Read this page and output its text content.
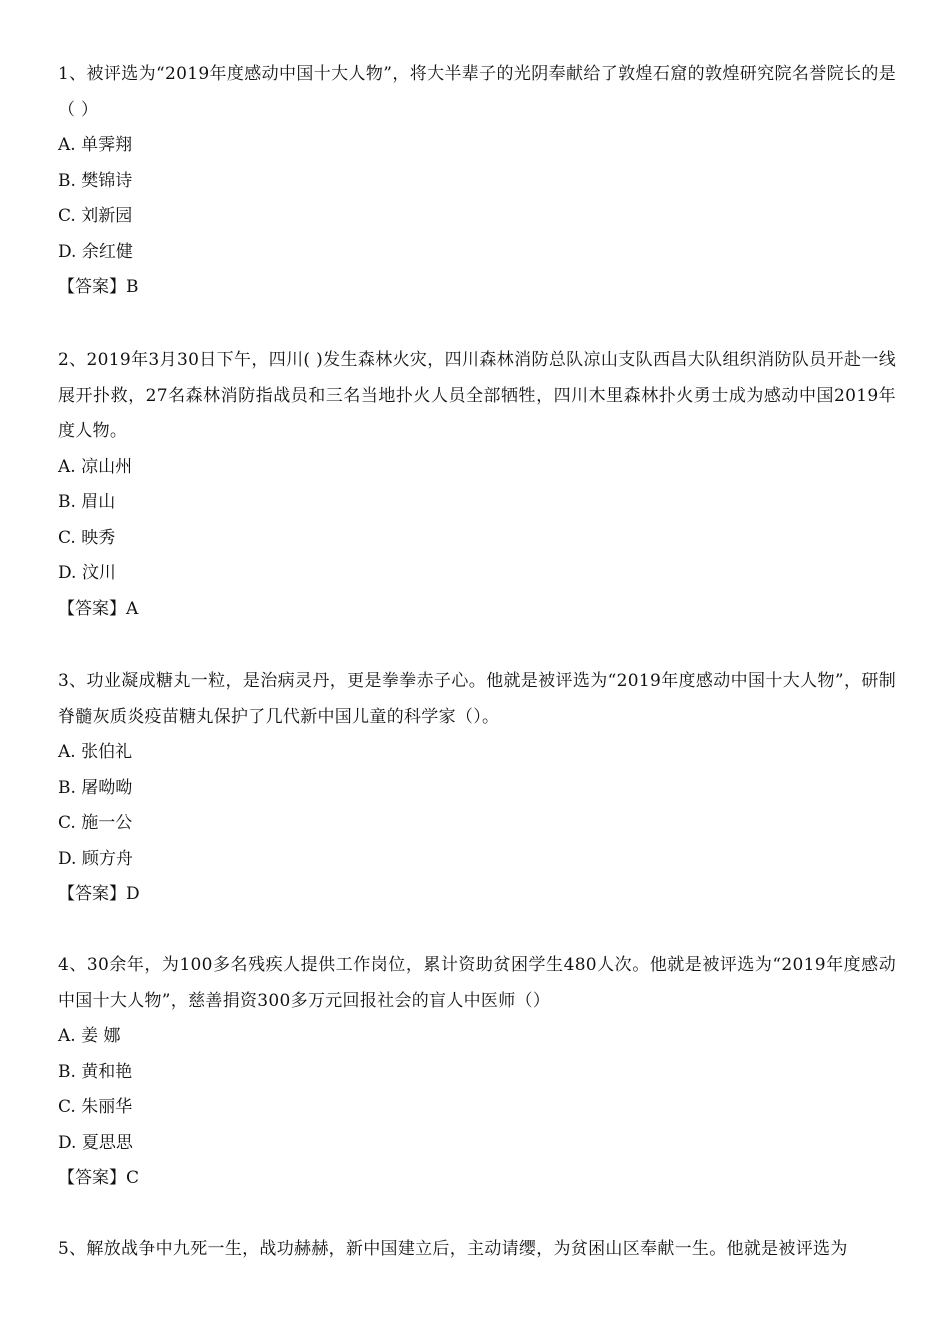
1、被评选为“2019年度感动中国十大人物”，将大半辈子的光阴奉献给了敦煌石窟的敦煌研究院名誉院长的是（ ）

A. 单霁翔
B. 樊锦诗
C. 刘新园
D. 余红健

【答案】B

2、2019年3月30日下午，四川( )发生森林火灾，四川森林消防总队凉山支队西昌大队组织消防队员开赴一线展开扑救，27名森林消防指战员和三名当地扑火人员全部牺牲，四川木里森林扑火勇士成为感动中国2019年度人物。

A. 凉山州
B. 眉山
C. 映秀
D. 汶川

【答案】A

3、功业凝成糖丸一粒，是治病灵丹，更是拳拳赤子心。他就是被评选为“2019年度感动中国十大人物”，研制脊髓灰质炎疫苗糖丸保护了几代新中国儿童的科学家（）。

A. 张伯礼
B. 屠呦呦
C. 施一公
D. 顾方舟

【答案】D

4、30余年，为100多名残疾人提供工作岗位，累计资助贫困学生480人次。他就是被评选为“2019年度感动中国十大人物”，慈善捐资300多万元回报社会的盲人中医师（）

A. 姜 娜
B. 黄和艳
C. 朱丽华
D. 夏思思

【答案】C

5、解放战争中九死一生，战功赫赫，新中国建立后，主动请缨，为贫困山区奉献一生。他就是被评选为
